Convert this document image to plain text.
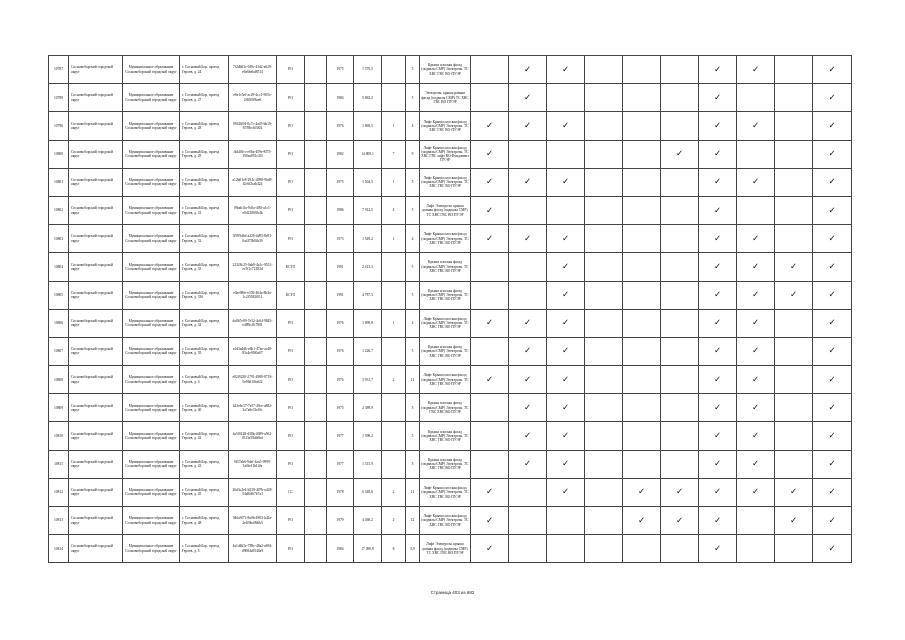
10787	Сосновоборский городской округ	Муниципальное образование Сосновоборский городской округ	г. Сосновый Бор, проезд Героев, д. 24	7f2db03c-0f9c-43d2-a629-e9a6bebd8514	РО		1975	1 379,5		5	Крыша плоская фасад (подвалы СМР) Электроэн. ТС ХВС ГВС ВО-ПУЭР		✓	✓				✓	✓		✓
10789	Сосновоборский городской округ	Муниципальное образование Сосновоборский городской округ	г. Сосновый Бор, проезд Героев, д. 27	e6e1c5ef-ac29-4cc1-905c-2f65f0f8ae6	РО		1984	5 863,2		5	Электроэн. крыша ровная фасад (подвалы СМР) ТС ХВС ГВС ВО ПУЭР		✓					✓			✓
10790	Сосновоборский городской округ	Муниципальное образование Сосновоборский городской округ	г. Сосновый Бор, проезд Героев, д. 28	99f43f94-0c7c-4a45-bb19-67f9bc6f3f02	РО		1976	1 869,5	1	4	Лифт Крыша плоская фасад (подвалы СМР) Электроэн. ТС ХВС ГВС ВО-ПУЭР	✓	✓	✓				✓	✓		✓
10800	Сосновоборский городской округ	Муниципальное образование Сосновоборский городской округ	г. Сосновый Бор, проезд Героев, д. 29	fb440fcc-e06a-459e-8f75-190ea891c4f3	РО		1982	14 809,1	7	9	Лифт Крыша плоская фасад (подвалы СМР) Электроэн. ТС ХВС ГВС лифт ВО Фундамент ПУЭР	✓					✓	✓			✓
10801	Сосновоборский городской округ	Муниципальное образование Сосновоборский городской округ	г. Сосновый Бор, проезд Героев, д. 30	a12b01c8-294c-4998-96d9-f2c6f2cab424	РО		1975	1 504,5	1	5	Лифт Крыша плоская фасад (подвалы СМР) Электроэн. ТС ХВС ГВС ВО ПУЭР	✓	✓	✓				✓	✓		✓
10802	Сосновоборский городской округ	Муниципальное образование Сосновоборский городской округ	г. Сосновый Бор, проезд Героев, д. 31	f9bab1fa-9c0a-4f8f-a1c1-e0d23f0f6b4b	РО		1986	7 912,5	4	5	Лифт Электроэн. крыша ровная фасад (подвалы СМР) ТС ХВС ГВС ВО ПУЭР	✓						✓			✓
10803	Сосновоборский городской округ	Муниципальное образование Сосновоборский городской округ	г. Сосновый Бор, проезд Героев, д. 32	5f959d6d-a226-4d95-8e91-0a4f73b0fb39	РО		1973	1 549,2	1	4	Лифт Крыша плоская фасад (подвалы СМР) Электроэн. ТС ХВС ГВС ВО ПУЭР	✓	✓	✓				✓	✓		✓
10804	Сосновоборский городской округ	Муниципальное образование Сосновоборский городской округ	г. Сосновый Бор, проезд Героев, д. 33	22328c25-0ab8-4a1c-9531-ec5f1c72383d	КСТО		1991	2 413,3		5	Крыша плоская фасад (подвалы СМР) Электроэн. ТС ХВС ГВС ВО ПУЭР			✓				✓	✓	✓	✓
10805	Сосновоборский городской округ	Муниципальное образование Сосновоборский городской округ	г. Сосновый Бор, проезд Героев, д. 33б	e0ae98fe-e359-464a-8b3a-1c2f5582f011	КСТО		1991	4 787,3		5	Крыша плоская фасад (подвалы СМР) Электроэн. ТС ХВС ГВС ВО ПУЭР			✓				✓	✓	✓	✓
10806	Сосновоборский городской округ	Муниципальное образование Сосновоборский городской округ	г. Сосновый Бор, проезд Героев, д. 34	da0b7e09-7e52-4c64-9845-e489fc8c7801	РО		1976	1 899,8	1	4	Лифт Крыша плоская фасад (подвалы СМР) Электроэн. ТС ХВС ГВС ВО ПУЭР	✓	✓	✓				✓	✓		✓
10807	Сосновоборский городской округ	Муниципальное образование Сосновоборский городской округ	г. Сосновый Бор, проезд Героев, д. 35	a1d3a4db-e6b1-47ae-ac48-83c4e90f0a07	РО		1976	1 226,7		5	Крыша плоская фасад (подвалы СМР) Электроэн. ТС ХВС ГВС ВО ПУЭР		✓	✓				✓	✓		✓
10808	Сосновоборский городской округ	Муниципальное образование Сосновоборский городской округ	г. Сосновый Бор, проезд Героев, д. 4	e82f9230-2791-4988-8718-0e96d1f6a6f2	РО		1976	3 931,7	2	12	Лифт Крыша плоская фасад (подвалы СМР) Электроэн. ТС ХВС ГВС ВО ПУЭР	✓	✓	✓				✓	✓		✓
10809	Сосновоборский городской округ	Муниципальное образование Сосновоборский городской округ	г. Сосновый Бор, проезд Героев, д. 40	b23e6c57-7e37-49ce-a882-2a7a0e31e0fc	РО		1975	2 389,9		5	Крыша плоская фасад (подвалы СМР) Электроэн. ТС ГВС ХВС ВО ПУЭР		✓	✓				✓	✓		✓
10810	Сосновоборский городской округ	Муниципальное образование Сосновоборский городской округ	г. Сосновый Бор, проезд Героев, д. 42	4a5f0128-d58b-4689-a562-f023e59ab0bd	РО		1977	1 598,2		5	Крыша плоская фасад (подвалы СМР) Электроэн. ТС ХВС ГВС ВО ПУЭР		✓	✓				✓	✓		✓
10811	Сосновоборский городской округ	Муниципальное образование Сосновоборский городской округ	г. Сосновый Бор, проезд Героев, д. 43	9f57ab6-9def-4aa5-9999-1a0fe11b14fe	РО		1977	1 315,9		5	Крыша плоская фасад (подвалы СМР) Электроэн. ТС ХВС ГВС ВО ПУЭР		✓	✓				✓	✓		✓
10812	Сосновоборский городской округ	Муниципальное образование Сосновоборский городской округ	г. Сосновый Бор, проезд Героев, д. 45	26d3c2e4-b539-407b-a428-54a9fd67b7a3	СС		1978	6 348,6	2	12	Лифт Крыша плоская фасад (подвалы СМР) Электроэн. ТС ХВС ГВС ВО ПУЭР	✓		✓		✓	✓	✓	✓	✓	✓
10813	Сосновоборский городской округ	Муниципальное образование Сосновоборский городской округ	г. Сосновый Бор, проезд Героев, д. 48	946a9f71-8a0b-4903-b42a-2e4f0ba9b6b5	РО		1979	4 460,2	2	12	Лифт Крыша плоская фасад (подвалы СМР) Электроэн. ТС ХВС ГВС ВО ПУЭР	✓				✓	✓	✓		✓	✓
10814	Сосновоборский городской округ	Муниципальное образование Сосновоборский городской округ	г. Сосновый Бор, проезд Героев, д. 5	4a1d465e-789c-48a2-a694-d9084a9340a9	РО		1984	17 090,9	8	5,9	Лифт Электроэн. крыша ровная фасад (подвалы СМР) ТС ХВС ГВС ВО ПУЭР	✓						✓			✓
Страница 403 из 682
